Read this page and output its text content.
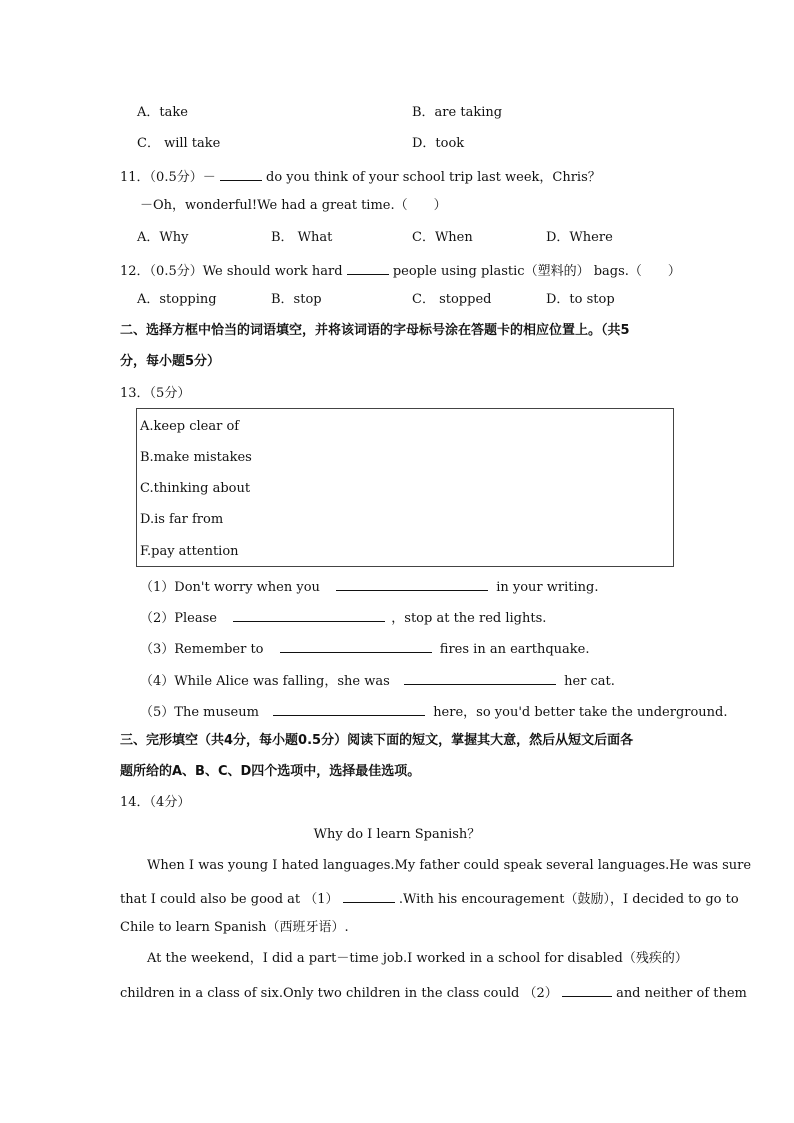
A．take	B．are taking
C． will take	D．took
11．（0.5分）－	do you think of your school trip last week，Chris？
－Oh，wonderful!We had a great time.（　　）
A．Why	B． What	C．When	D．Where
12．（0.5分）We should work hard	people using plastic（塑料的） bags.（　　）
A．stopping	B．stop	C． stopped	D．to stop
二、选择方框中恰当的词语填空，并将该词语的字母标号涂在答题卡的相应位置上。（共5
分，每小题5分）
13．（5分）
A.keep clear of
B.make mistakes
C.thinking about
D.is far from
F.pay attention
（1）Don't worry when you	in your writing.
（2）Please	，stop at the red lights.
（3）Remember to	fires in an earthquake.
（4）While Alice was falling，she was	her cat.
（5）The museum	here，so you'd better take the underground.
三、完形填空（共4分，每小题0.5分）阅读下面的短文，掌握其大意，然后从短文后面各
题所给的A、B、C、D四个选项中，选择最佳选项。
14．（4分）
Why do I learn Spanish？
When I was young I hated languages.My father could speak several languages.He was sure
that I could also be good at （1）	.With his encouragement（鼓励），I decided to go to
Chile to learn Spanish（西班牙语）.
At the weekend，I did a part－time job.I worked in a school for disabled（残疾的）
children in a class of six.Only two children in the class could （2）	and neither of them
